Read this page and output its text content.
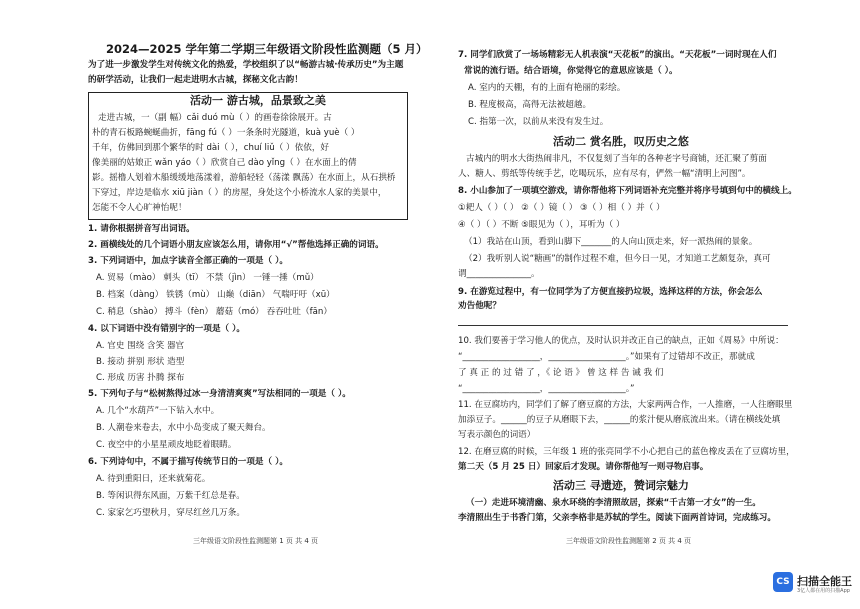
2024—2025 学年第二学期三年级语文阶段性监测题（5 月）
为了进一步激发学生对传统文化的热爱，学校组织了以“畅游古城·传承历史”为主题
的研学活动，让我们一起走进明水古城，探秘文化古韵！
活动一 游古城，品景致之美
走进古城，一（副 幅）cǎi duó mù（ ）的画卷徐徐展开。古
朴的青石板路蜿蜒曲折，fāng fú（ ）一条条时光隧道，kuà yuè（ ）
千年，仿佛回到那个繁华的时 dài（ ），chuí liǔ（ ）依依，好
像美丽的姑娘正 wǎn yáo（ ）欣赏自己 dào yǐng（ ）在水面上的倩
影。摇橹人划着木船缓缓地荡漾着，游船轻轻（荡漾 飘荡）在水面上，从石拱桥
下穿过，岸边是临水 xiū jiàn（ ）的房屋，身处这个小桥流水人家的美景中，
怎能不令人心旷神怡呢！
1. 请你根据拼音写出词语。
2. 画横线处的几个词语小朋友应该怎么用，请你用“√”帮他选择正确的词语。
3. 下列词语中，加点字读音全部正确的一项是（ ）。
A. 贸易（mào） 刺头（tī） 不禁（jìn） 一锤一捶（mǔ）
B. 档案（dàng） 铁锈（mù） 山巅（diān） 气喘吁吁（xū）
C. 稍息（shào） 搏斗（fèn） 蘑菇（mó） 吞吞吐吐（fān）
4. 以下词语中没有错别字的一项是（ ）。
A. 官史 围绕 含笑 器官
B. 接动 拼别 形状 造型
C. 形成 历害 扑腾 探布
5. 下列句子与“松树熬得过冰一身清清爽爽”写法相同的一项是（ ）。
A. 几个“水葫芦”一下钻入水中。
B. 人潮卷来卷去，水中小岛变成了聚天舞台。
C. 夜空中的小星星顽皮地眨着眼睛。
6. 下列诗句中，不属于描写传统节日的一项是（ ）。
A. 待到重阳日，还来就菊花。
B. 等闲识得东风面，万紫千红总是春。
C. 家家乞巧望秋月，穿尽红丝几万条。
三年级语文阶段性监测题第 1 页 共 4 页
7. 同学们欣赏了一场场精彩无人机表演“天花板”的演出。“天花板”一词时现在人们
常说的流行语。结合语境，你觉得它的意思应该是（ ）。
A. 室内的天棚，有的上面有艳丽的彩绘。
B. 程度极高，高得无法被超越。
C. 指第一次，以前从来没有发生过。
活动二 赏名胜，叹历史之悠
古城内的明水大街热闹非凡，不仅复刻了当年的各种老字号商铺，还汇聚了剪面
人、糖人、剪纸等传统手艺，吃喝玩乐，应有尽有，俨然一幅“清明上河图”。
8. 小山参加了一项填空游戏，请你帮他将下列词语补充完整并将序号填到句中的横线上。
①耙人（ ）（ ） ②（ ）镜（ ） ③（ ）相（ ）并（ ）
④（ ）（ ）不断 ⑤眼见为（ ），耳听为（ ）
（1）我站在山顶，看到山脚下_______的人向山顶走来，好一派热闹的景象。
（2）我听别人说“糖画”的制作过程不难，但今日一见，才知道工艺颇复杂，真可
谓_______________。
9. 在游览过程中，有一位同学为了方便直接扔垃圾，选择这样的方法，你会怎么
劝告他呢？
10. 我们要善于学习他人的优点，及时认识并改正自己的缺点，正如《周易》中所说：
“__________________，__________________。”如果有了过错却不改正，那就成
了 真 正 的 过 错 了 ，《 论 语 》 曾 这 样 告 诫 我 们
“__________________，__________________。”
11. 在豆腐坊内，同学们了解了磨豆腐的方法，大家两两合作，一人推磨，一人往磨眼里
加添豆子。______的豆子从磨眼下去，______的浆汁便从磨底流出来。（请在横线处填
写表示颜色的词语）
12. 在磨豆腐的时候，三年级 1 班的张亮同学不小心把自己的蓝色橡皮丢在了豆腐坊里，
第二天（5 月 25 日）回家后才发现。请你帮他写一则寻物启事。
活动三 寻遗迹，赞词宗魅力
（一）走进环境清幽、泉水环绕的李清照故居，探索“千古第一才女”的一生。
李清照出生于书香门第，父亲李格非是苏轼的学生。阅读下面两首诗词，完成练习。
三年级语文阶段性监测题第 2 页 共 4 页
CS 扫描全能王
3亿人都在用的扫描App
